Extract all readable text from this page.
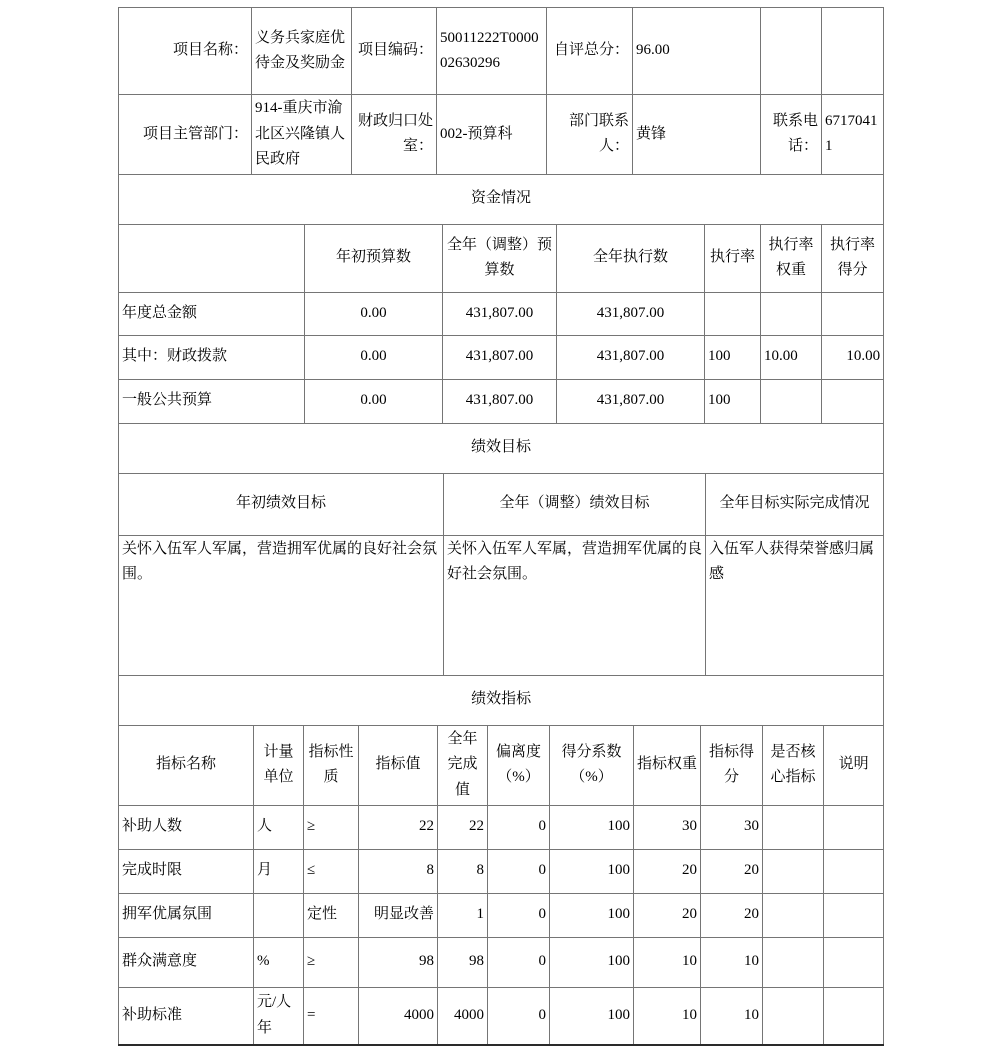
项目名称：	义务兵家庭优待金及奖励金	项目编码：	50011222T000002630296	自评总分：	96.00		
项目主管部门：	914-重庆市渝北区兴隆镇人民政府	财政归口处室：	002-预算科	部门联系人：	黄锋	联系电话：	67170411
资金情况						
	年初预算数	全年（调整）预算数	全年执行数	执行率	执行率权重	执行率得分
年度总金额	0.00	431,807.00	431,807.00			
其中：财政拨款	0.00	431,807.00	431,807.00	100	10.00	10.00
一般公共预算	0.00	431,807.00	431,807.00	100		
绩效目标		
年初绩效目标	全年（调整）绩效目标	全年目标实际完成情况
关怀入伍军人军属，营造拥军优属的良好社会氛围。	关怀入伍军人军属，营造拥军优属的良好社会氛围。	入伍军人获得荣誉感归属感
绩效指标										
指标名称	计量单位	指标性质	指标值	全年完成值	偏离度（%）	得分系数（%）	指标权重	指标得分	是否核心指标	说明
补助人数	人	≥	22	22	0	100	30	30		
完成时限	月	≤	8	8	0	100	20	20		
拥军优属氛围		定性	明显改善	1	0	100	20	20		
群众满意度	%	≥	98	98	0	100	10	10		
补助标准	元/人年	=	4000	4000	0	100	10	10		
